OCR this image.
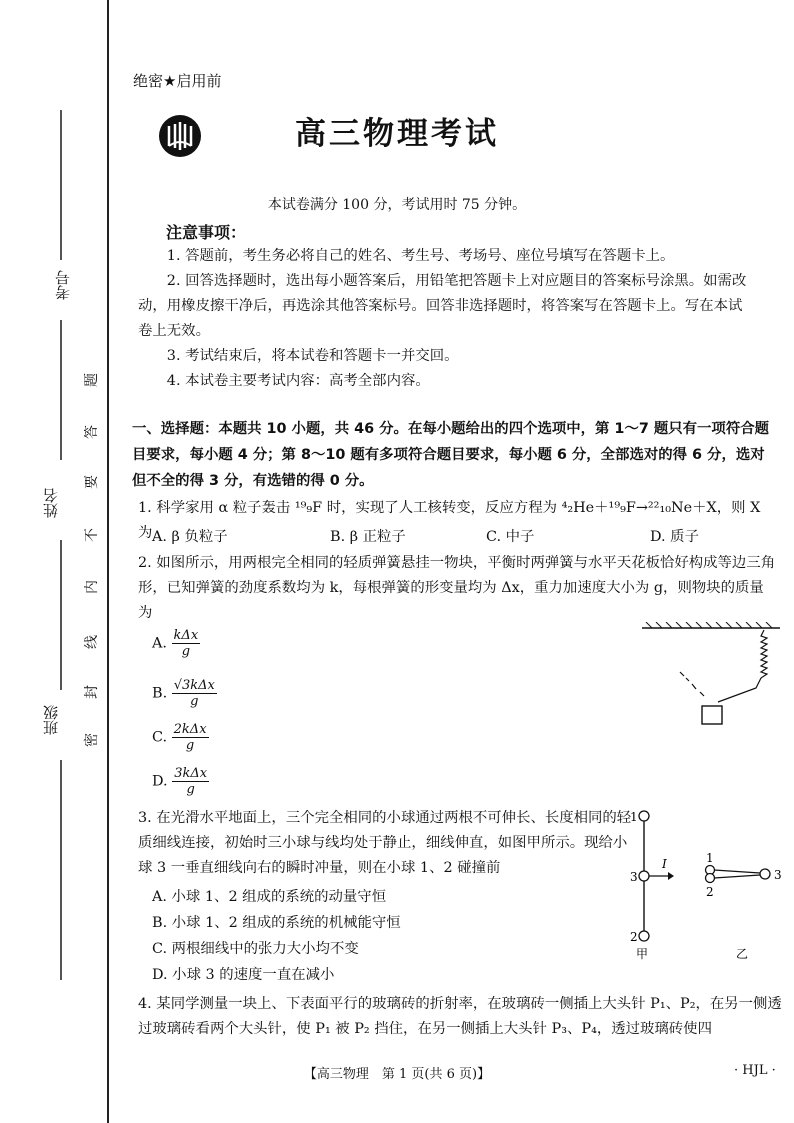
考号
姓名
班级
题
答
要
不
内
线
封
密
绝密★启用前
高三物理考试
本试卷满分 100 分，考试用时 75 分钟。
注意事项：
1. 答题前，考生务必将自己的姓名、考生号、考场号、座位号填写在答题卡上。
2. 回答选择题时，选出每小题答案后，用铅笔把答题卡上对应题目的答案标号涂黑。如需改动，用橡皮擦干净后，再选涂其他答案标号。回答非选择题时，将答案写在答题卡上。写在本试卷上无效。
3. 考试结束后，将本试卷和答题卡一并交回。
4. 本试卷主要考试内容：高考全部内容。
一、选择题：本题共 10 小题，共 46 分。在每小题给出的四个选项中，第 1～7 题只有一项符合题目要求，每小题 4 分；第 8～10 题有多项符合题目要求，每小题 6 分，全部选对的得 6 分，选对但不全的得 3 分，有选错的得 0 分。
1. 科学家用 α 粒子轰击 ¹⁹₉F 时，实现了人工核转变，反应方程为 ⁴₂He＋¹⁹₉F→²²₁₀Ne＋X，则 X 为 A. β 负粒子	B. β 正粒子	C. 中子	D. 质子
2. 如图所示，用两根完全相同的轻质弹簧悬挂一物块，平衡时两弹簧与水平天花板恰好构成等边三角形，已知弹簧的劲度系数均为 k，每根弹簧的形变量均为 Δx，重力加速度大小为 g，则物块的质量为
A. $\frac{\text{kΔx}}{g}$
B. $\frac{\text{√3kΔx}}{g}$
C. $\frac{\text{2kΔx}}{g}$
D. $\frac{\text{3kΔx}}{g}$
3. 在光滑水平地面上，三个完全相同的小球通过两根不可伸长、长度相同的轻质细线连接，初始时三小球与线均处于静止，细线伸直，如图甲所示。现给小球 3 一垂直细线向右的瞬时冲量，则在小球 1、2 碰撞前
A. 小球 1、2 组成的系统的动量守恒
B. 小球 1、2 组成的系统的机械能守恒
C. 两根细线中的张力大小均不变
D. 小球 3 的速度一直在减小
1
3
2
I
甲
1
2
3
乙
4. 某同学测量一块上、下表面平行的玻璃砖的折射率，在玻璃砖一侧插上大头针 P₁、P₂，在另一侧透过玻璃砖看两个大头针，使 P₁ 被 P₂ 挡住，在另一侧插上大头针 P₃、P₄，透过玻璃砖使四
【高三物理　第 1 页(共 6 页)】	· HJL ·
